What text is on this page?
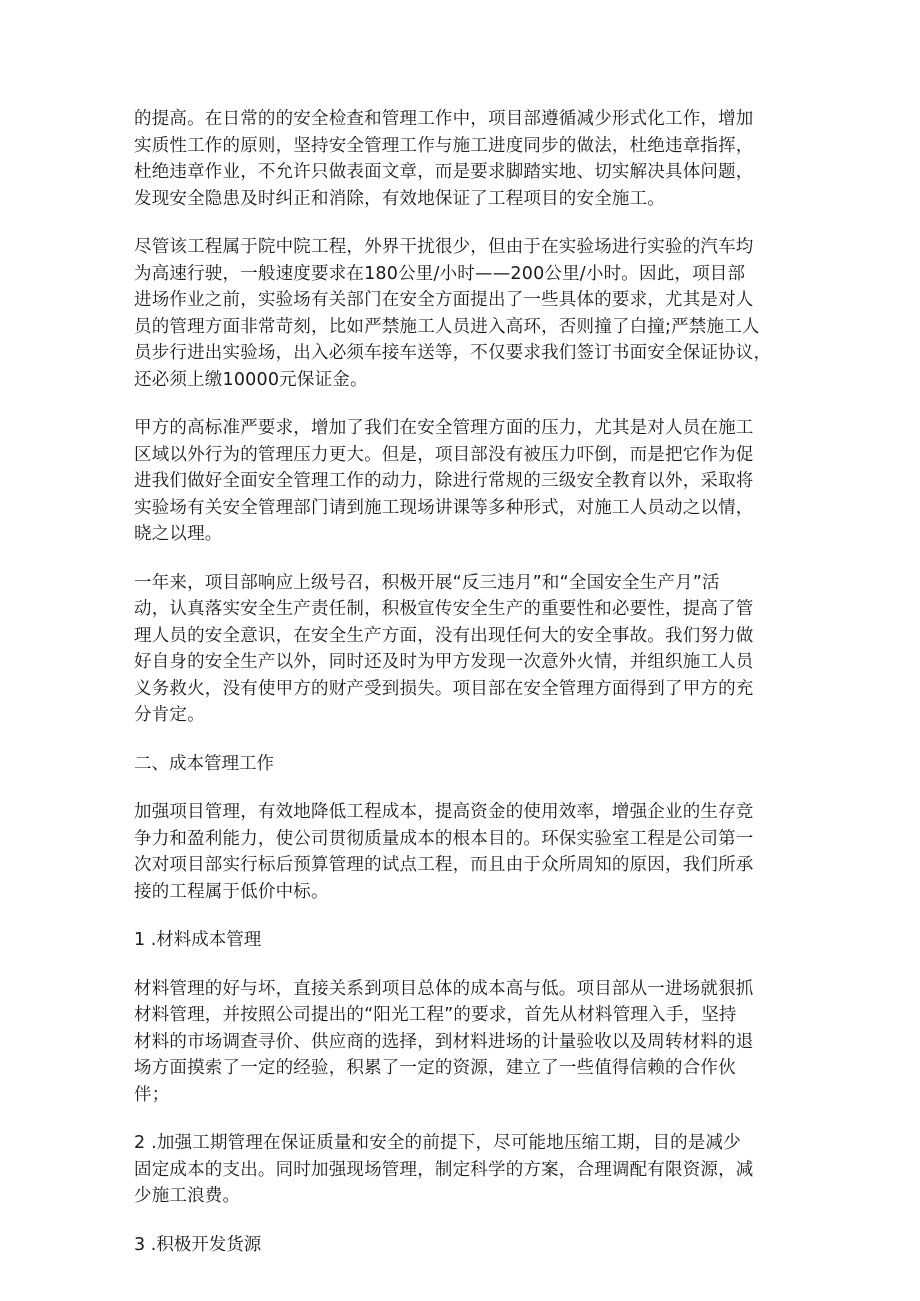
的提高。在日常的的安全检查和管理工作中，项目部遵循减少形式化工作，增加
实质性工作的原则，坚持安全管理工作与施工进度同步的做法，杜绝违章指挥，
杜绝违章作业，不允许只做表面文章，而是要求脚踏实地、切实解决具体问题，
发现安全隐患及时纠正和消除，有效地保证了工程项目的安全施工。
尽管该工程属于院中院工程，外界干扰很少，但由于在实验场进行实验的汽车均
为高速行驶，一般速度要求在180公里/小时——200公里/小时。因此，项目部
进场作业之前，实验场有关部门在安全方面提出了一些具体的要求，尤其是对人
员的管理方面非常苛刻，比如严禁施工人员进入高环，否则撞了白撞;严禁施工人
员步行进出实验场，出入必须车接车送等，不仅要求我们签订书面安全保证协议，
还必须上缴10000元保证金。
甲方的高标准严要求，增加了我们在安全管理方面的压力，尤其是对人员在施工
区域以外行为的管理压力更大。但是，项目部没有被压力吓倒，而是把它作为促
进我们做好全面安全管理工作的动力，除进行常规的三级安全教育以外，采取将
实验场有关安全管理部门请到施工现场讲课等多种形式，对施工人员动之以情，
晓之以理。
一年来，项目部响应上级号召，积极开展“反三违月”和“全国安全生产月”活
动，认真落实安全生产责任制，积极宣传安全生产的重要性和必要性，提高了管
理人员的安全意识，在安全生产方面，没有出现任何大的安全事故。我们努力做
好自身的安全生产以外，同时还及时为甲方发现一次意外火情，并组织施工人员
义务救火，没有使甲方的财产受到损失。项目部在安全管理方面得到了甲方的充
分肯定。
二、成本管理工作
加强项目管理，有效地降低工程成本，提高资金的使用效率，增强企业的生存竞
争力和盈利能力，使公司贯彻质量成本的根本目的。环保实验室工程是公司第一
次对项目部实行标后预算管理的试点工程，而且由于众所周知的原因，我们所承
接的工程属于低价中标。
1 .材料成本管理
材料管理的好与坏，直接关系到项目总体的成本高与低。项目部从一进场就狠抓
材料管理，并按照公司提出的“阳光工程”的要求，首先从材料管理入手，坚持
材料的市场调查寻价、供应商的选择，到材料进场的计量验收以及周转材料的退
场方面摸索了一定的经验，积累了一定的资源，建立了一些值得信赖的合作伙
伴；
2 .加强工期管理在保证质量和安全的前提下，尽可能地压缩工期，目的是减少
固定成本的支出。同时加强现场管理，制定科学的方案，合理调配有限资源，减
少施工浪费。
3 .积极开发货源
